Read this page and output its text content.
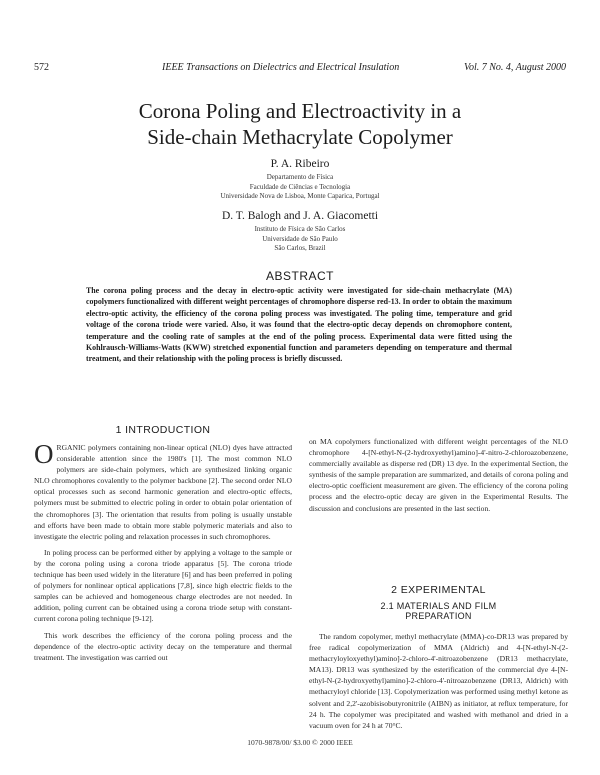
572	IEEE Transactions on Dielectrics and Electrical Insulation	Vol. 7 No. 4, August 2000
Corona Poling and Electroactivity in a
Side-chain Methacrylate Copolymer
P. A. Ribeiro
Departamento de Física
Faculdade de Ciências e Tecnologia
Universidade Nova de Lisboa, Monte Caparica, Portugal
D. T. Balogh and J. A. Giacometti
Instituto de Física de São Carlos
Universidade de São Paulo
São Carlos, Brazil
ABSTRACT
The corona poling process and the decay in electro-optic activity were investigated for side-chain methacrylate (MA) copolymers functionalized with different weight percentages of chromophore disperse red-13. In order to obtain the maximum electro-optic activity, the efficiency of the corona poling process was investigated. The poling time, temperature and grid voltage of the corona triode were varied. Also, it was found that the electro-optic decay depends on chromophore content, temperature and the cooling rate of samples at the end of the poling process. Experimental data were fitted using the Kohlrausch-Williams-Watts (KWW) stretched exponential function and parameters depending on temperature and thermal treatment, and their relationship with the poling process is briefly discussed.
1 INTRODUCTION

ORGANIC polymers containing non-linear optical (NLO) dyes have attracted considerable attention since the 1980's [1]. The most common NLO polymers are side-chain polymers, which are synthesized linking organic NLO chromophores covalently to the polymer backbone [2]. The second order NLO optical processes such as second harmonic generation and electro-optic effects, polymers must be submitted to electric poling in order to obtain polar orientation of the chromophores [3]. The orientation that results from poling is usually unstable and efforts have been made to obtain more stable polymeric materials and also to investigate the electric poling and relaxation processes in such chromophores.

In poling process can be performed either by applying a voltage to the sample or by the corona poling using a corona triode apparatus [5]. The corona triode technique has been used widely in the literature [6] and has been preferred in poling of polymers for nonlinear optical applications [7,8], since high electric fields to the samples can be achieved and homogeneous charge electrodes are not needed. In addition, poling current can be obtained using a corona triode setup with constant-current corona poling technique [9-12].

This work describes the efficiency of the corona poling process and the dependence of the electro-optic activity decay on the temperature and thermal treatment. The investigation was carried out

on MA copolymers functionalized with different weight percentages of the NLO chromophore 4-[N-ethyl-N-(2-hydroxyethyl)amino]-4'-nitro-2-chloroazobenzene, commercially available as disperse red (DR) 13 dye. In the experimental Section, the synthesis of the sample preparation are summarized, and details of corona poling and electro-optic coefficient measurement are given. The efficiency of the corona poling process and the electro-optic decay are given in the Experimental Results. The discussion and conclusions are presented in the last section.
2 EXPERIMENTAL
2.1 MATERIALS AND FILM
PREPARATION
The random copolymer, methyl methacrylate (MMA)-co-DR13 was prepared by free radical copolymerization of MMA (Aldrich) and 4-[N-ethyl-N-(2-methacryloyloxyethyl)amino]-2-chloro-4'-nitroazobenzene (DR13 methacrylate, MA13). DR13 was synthesized by the esterification of the commercial dye 4-[N-ethyl-N-(2-hydroxyethyl)amino]-2-chloro-4'-nitroazobenzene (DR13, Aldrich) with methacryloyl chloride [13]. Copolymerization was performed using methyl ketone as solvent and 2,2'-azobisisobutyronitrile (AIBN) as initiator, at reflux temperature, for 24 h. The copolymer was precipitated and washed with methanol and dried in a vacuum oven for 24 h at 70°C.
1070-9878/00/ $3.00 © 2000 IEEE
